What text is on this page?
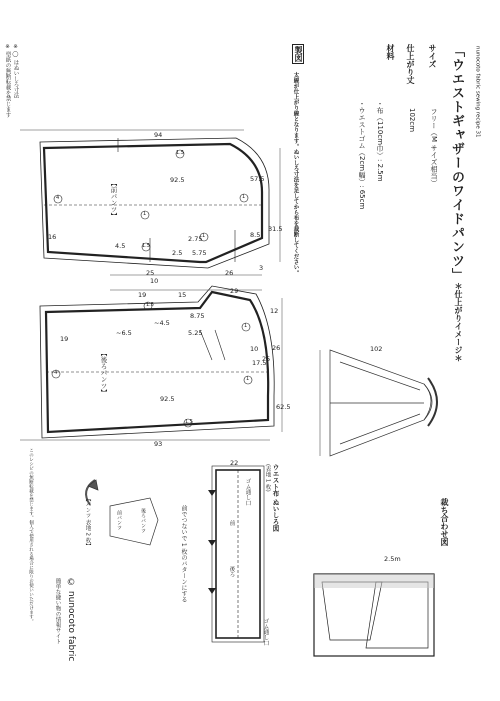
nunocoto fabric sewing recipe 31
「ウエストギャザーのワイドパンツ」
サイズ
フリー（M サイズ相当）
仕上がり丈
102cm
材料
・布（110cm巾）: 2.5m
・ウエストゴム（2cm幅）: 65cm
製図
太線が仕上がり線となります。ぬいしろ寸法を足してから布を裁断してください。
94
57.5
92.5
16
31.5
8.5
2.75
5.75
2.5
4.5
25	26
3
1.5
4	1
1
1.5
1
【前パンツ】
93
92.5
62.5
19
10
15	29
12
8.75
5.25
~6.5
~4.5
10
17.5
19
26
25
1
4
1.5
1.5
1
【後ろパンツ】
＊仕上がりイメージ＊
102
ウエスト布 ぬいしろ図
(表地 1 枚)
22
ゴム通し口
ゴム通し口
前
後ろ
前でつないで 1 枚のパターンにする	裁ち合わせ図
2.5m
【パンツ 表地 2 枚】	前パンツ	後ろパンツ
※ ◯ はぬいしろ寸法
※ 型紙の無断転載を禁じます
© nunocoto fabric
簡単な縫い物の情報サイト
このレシピの無断転載を禁じます。個人で使用される場合に限りお使いいただけます。
